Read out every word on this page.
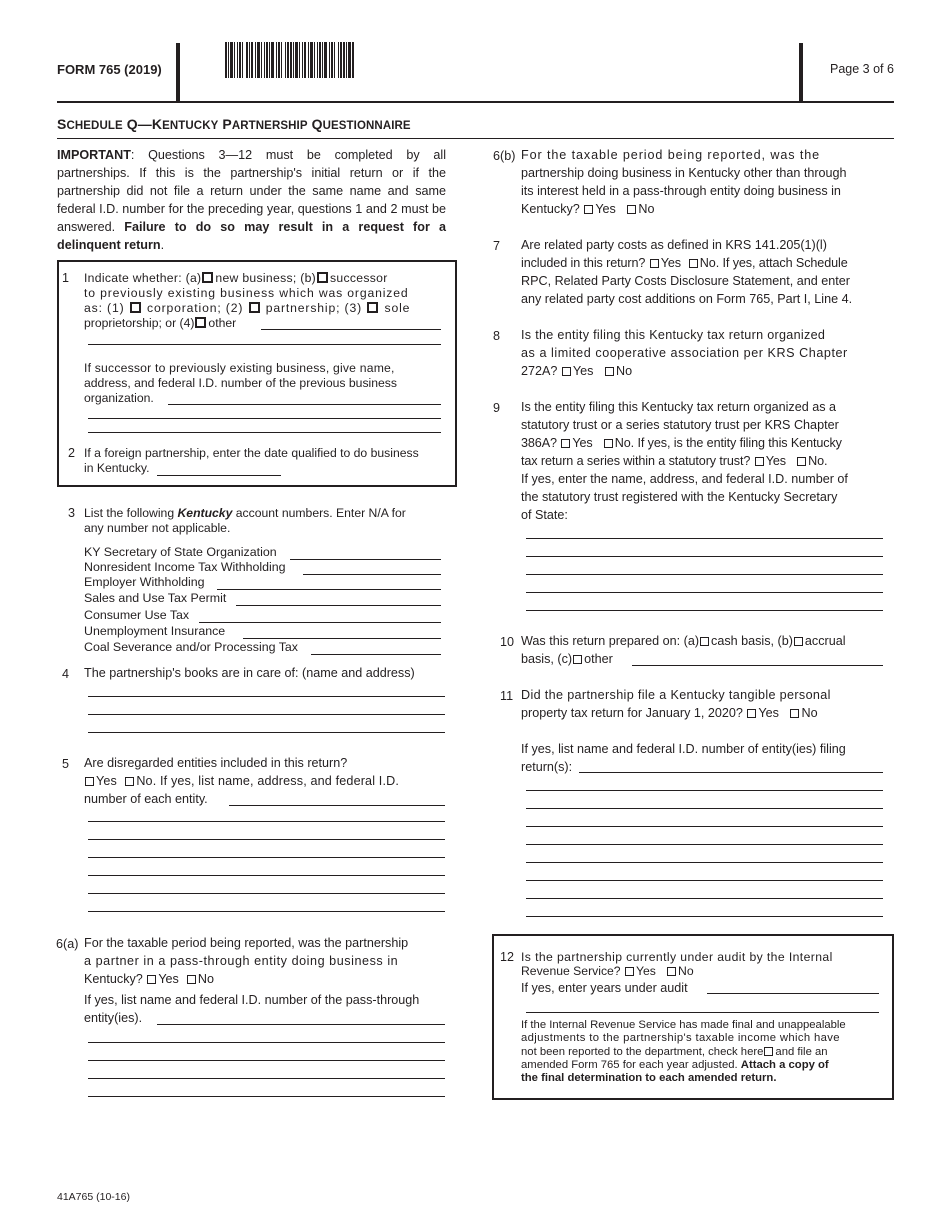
FORM 765 (2019)	Page 3 of 6
SCHEDULE Q—KENTUCKY PARTNERSHIP QUESTIONNAIRE
IMPORTANT: Questions 3—12 must be completed by all partnerships. If this is the partnership's initial return or if the partnership did not file a return under the same name and same federal I.D. number for the preceding year, questions 1 and 2 must be answered. Failure to do so may result in a request for a delinquent return.
1 Indicate whether: (a) new business; (b) successor
to previously existing business which was organized
as: (1) corporation; (2) partnership; (3) sole
proprietorship; or (4) other
If successor to previously existing business, give name,
address, and federal I.D. number of the previous business
organization.
2 If a foreign partnership, enter the date qualified to do business
in Kentucky.
3 List the following Kentucky account numbers. Enter N/A for
any number not applicable.
KY Secretary of State Organization
Nonresident Income Tax Withholding
Employer Withholding
Sales and Use Tax Permit
Consumer Use Tax
Unemployment Insurance
Coal Severance and/or Processing Tax
4 The partnership's books are in care of: (name and address)
5 Are disregarded entities included in this return?
Yes No. If yes, list name, address, and federal I.D.
number of each entity.
6(a) For the taxable period being reported, was the partnership
a partner in a pass-through entity doing business in
Kentucky? Yes No
If yes, list name and federal I.D. number of the pass-through
entity(ies).
6(b) For the taxable period being reported, was the
partnership doing business in Kentucky other than through
its interest held in a pass-through entity doing business in
Kentucky? Yes No
7 Are related party costs as defined in KRS 141.205(1)(l)
included in this return? Yes No. If yes, attach Schedule
RPC, Related Party Costs Disclosure Statement, and enter
any related party cost additions on Form 765, Part I, Line 4.
8 Is the entity filing this Kentucky tax return organized
as a limited cooperative association per KRS Chapter
272A? Yes No
9 Is the entity filing this Kentucky tax return organized as a
statutory trust or a series statutory trust per KRS Chapter
386A? Yes No. If yes, is the entity filing this Kentucky
tax return a series within a statutory trust? Yes No.
If yes, enter the name, address, and federal I.D. number of
the statutory trust registered with the Kentucky Secretary
of State:
10 Was this return prepared on: (a) cash basis, (b) accrual
basis, (c) other
11 Did the partnership file a Kentucky tangible personal
property tax return for January 1, 2020? Yes No
If yes, list name and federal I.D. number of entity(ies) filing
return(s):
12 Is the partnership currently under audit by the Internal
Revenue Service? Yes No
If yes, enter years under audit
If the Internal Revenue Service has made final and unappealable
adjustments to the partnership's taxable income which have
not been reported to the department, check here and file an
amended Form 765 for each year adjusted. Attach a copy of
the final determination to each amended return.
41A765 (10-16)
